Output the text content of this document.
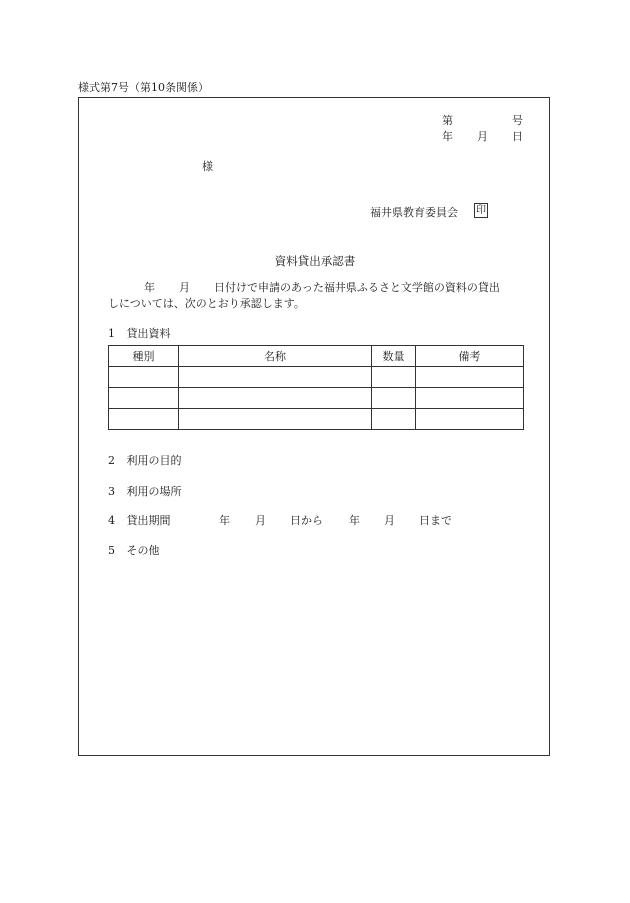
様式第7号（第10条関係）
第	号
年 月 日
様
福井県教育委員会 印
資料貸出承認書
年 月 日付けで申請のあった福井県ふるさと文学館の資料の貸出
しについては、次のとおり承認します。
1 貸出資料
種別	名称	数量	備考

2 利用の目的
3 利用の場所
4 貸出期間	年 月 日から 年 月 日まで
5 その他
